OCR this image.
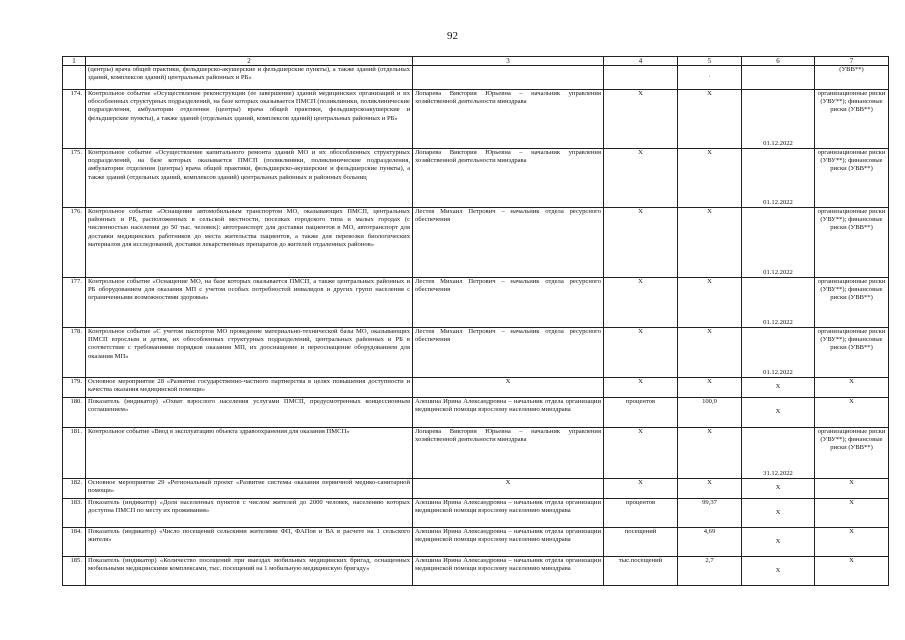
92
1	2	3	4	5	6	7
	(центры) врача общей практики, фельдшерско-акушерские и фельдшерские пункты), а также зданий (отдельных зданий, комплексов зданий) центральных районных и РБ»			·		(УВВ**)
174.	Контрольное событие «Осуществление реконструкции (ее завершение) зданий медицинских организаций и их обособленных структурных подразделений, на базе которых оказывается ПМСП (поликлиники, поликлинические подразделения, амбулатории отделения (центры) врача общей практики, фельдшерскоакушерские и фельдшерские пункты), а также зданий (отдельных зданий, комплексов зданий) центральных районных и РБ»	Лопарева Виктория Юрьевна – начальник управления хозяйственной деятельности минздрава	X	X	01.12.2022	организационные риски (УВУ**); финансовые риски (УВВ**)
175.	Контрольное событие «Осуществление капитального ремонта зданий МО и их обособленных структурных подразделений, на базе которых оказывается ПМСП (поликлиники, поликлинические подразделения, амбулатории отделения (центры) врача общей практики, фельдшерско-акушерские и фельдшерские пункты), а также зданий (отдельных зданий, комплексов зданий) центральных районных и районных больниц	Лопарева Виктория Юрьевна – начальник управления хозяйственной деятельности минздрава	X	X	01.12.2022	организационные риски (УВУ**); финансовые риски (УВВ**)
176.	Контрольное событие «Оснащение автомобильным транспортом МО, оказывающих ПМСП, центральных районных и РБ, расположенных в сельской местности, поселках городского типа и малых городах (с численностью населения до 50 тыс. человек): автотранспорт для доставки пациентов в МО, автотранспорт для доставки медицинских работников до места жительства пациентов, а также для перевозки биологических материалов для исследований, доставки лекарственных препаратов до жителей отдаленных районов»	Лестев Михаил Петрович – начальник отдела ресурсного обеспечения	X	X	01.12.2022	организационные риски (УВУ**); финансовые риски (УВВ**)
177.	Контрольное событие «Оснащение МО, на базе которых оказывается ПМСП, а также центральных районных и РБ оборудованием для оказания МП с учетом особых потребностей инвалидов и других групп населения с ограниченными возможностями здоровья»	Лестев Михаил Петрович – начальник отдела ресурсного обеспечения	X	X	01.12.2022	организационные риски (УВУ**); финансовые риски (УВВ**)
178.	Контрольное событие «С учетом паспортов МО проведение материально-технической базы МО, оказывающих ПМСП взрослым и детям, их обособленных структурных подразделений, центральных районных и РБ в соответствие с требованиями порядков оказания МП, их дооснащение и переоснащение оборудованием для оказания МП»	Лестев Михаил Петрович – начальник отдела ресурсного обеспечения	X	X	01.12.2022	организационные риски (УВУ**); финансовые риски (УВВ**)
179.	Основное мероприятие 28 «Развитие государственно-частного партнерства в целях повышения доступности и качества оказания медицинской помощи»	X	X	X	X	X
180.	Показатель (индикатор) «Охват взрослого населения услугами ПМСП, предусмотренных концессионным соглашением»	Алешина Ирина Александровна – начальник отдела организации медицинской помощи взрослому населению минздрава	процентов	100,0	X	X
181.	Контрольное событие «Ввод в эксплуатацию объекта здравоохранения для оказания ПМСП»	Лопарева Виктория Юрьевна – начальник управления хозяйственной деятельности минздрава	X	X	31.12.2022	организационные риски (УВУ**); финансовые риски (УВВ**)
182.	Основное мероприятие 29 «Региональный проект «Развитие системы оказания первичной медико-санитарной помощи»	X	X	X	X	X
183.	Показатель (индикатор) «Доля населенных пунктов с числом жителей до 2000 человек, населению которых доступна ПМСП по месту их проживания»	Алешина Ирина Александровна – начальник отдела организации медицинской помощи взрослому населению минздрава	процентов	99,37	X	X
184.	Показатель (индикатор) «Число посещений сельскими жителями ФП, ФАПов и ВА в расчете на 1 сельского жителя»	Алешина Ирина Александровна – начальник отдела организации медицинской помощи взрослому населению минздрава	посещений	4,69	X	X
185.	Показатель (индикатор) «Количество посещений при выездах мобильных медицинских бригад, оснащенных мобильными медицинскими комплексами, тыс. посещений на 1 мобильную медицинскую бригаду»	Алешина Ирина Александровна – начальник отдела организации медицинской помощи взрослому населению минздрава	тыс.посещений	2,7	X	X
